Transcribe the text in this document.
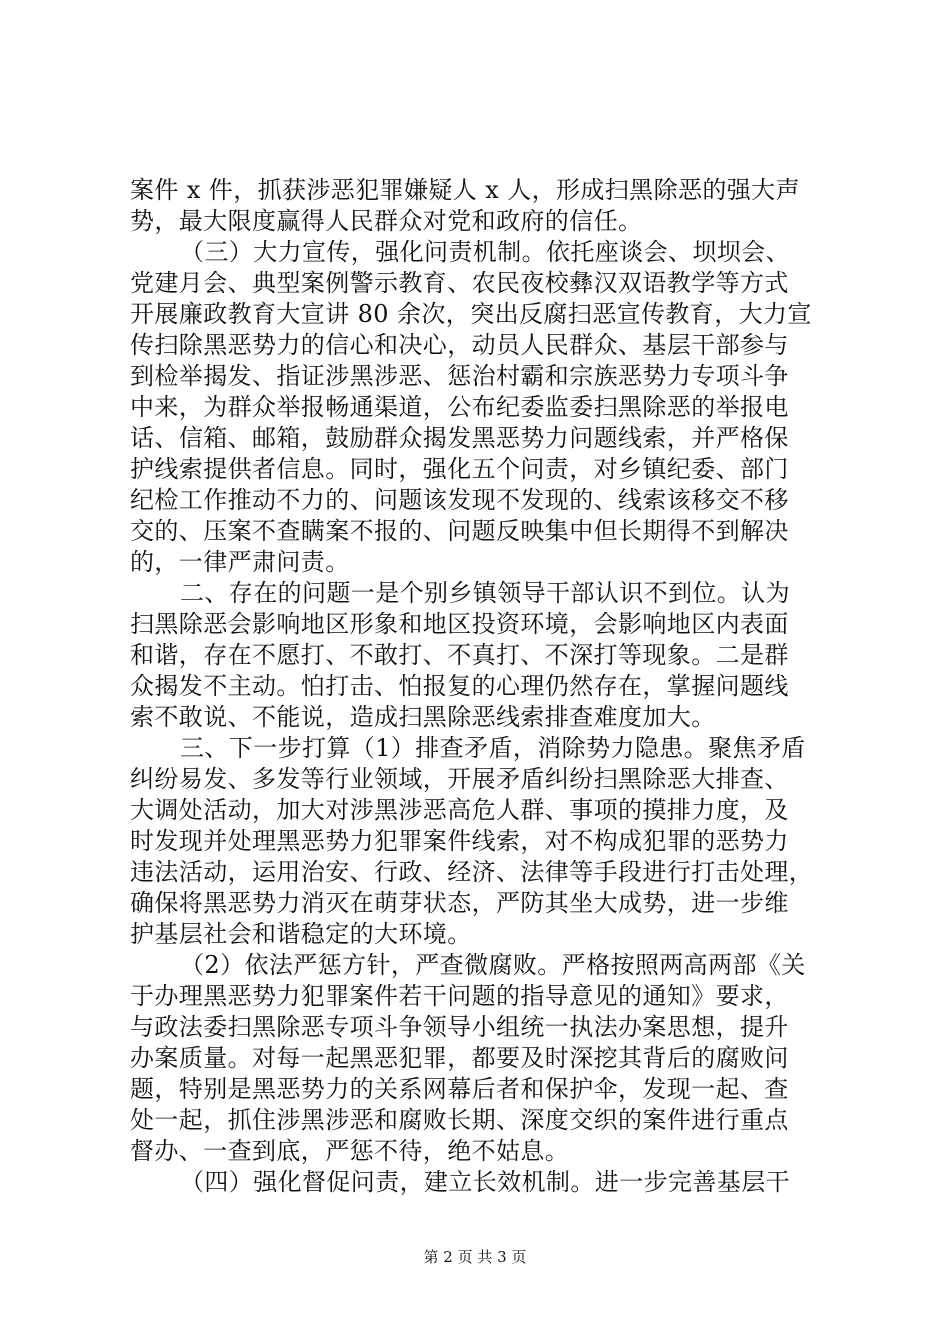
案件 x 件，抓获涉恶犯罪嫌疑人 x 人，形成扫黑除恶的强大声
势，最大限度赢得人民群众对党和政府的信任。
（三）大力宣传，强化问责机制。依托座谈会、坝坝会、
党建月会、典型案例警示教育、农民夜校彝汉双语教学等方式
开展廉政教育大宣讲 80 余次，突出反腐扫恶宣传教育，大力宣
传扫除黑恶势力的信心和决心，动员人民群众、基层干部参与
到检举揭发、指证涉黑涉恶、惩治村霸和宗族恶势力专项斗争
中来，为群众举报畅通渠道，公布纪委监委扫黑除恶的举报电
话、信箱、邮箱，鼓励群众揭发黑恶势力问题线索，并严格保
护线索提供者信息。同时，强化五个问责，对乡镇纪委、部门
纪检工作推动不力的、问题该发现不发现的、线索该移交不移
交的、压案不查瞒案不报的、问题反映集中但长期得不到解决
的，一律严肃问责。
二、存在的问题一是个别乡镇领导干部认识不到位。认为
扫黑除恶会影响地区形象和地区投资环境，会影响地区内表面
和谐，存在不愿打、不敢打、不真打、不深打等现象。二是群
众揭发不主动。怕打击、怕报复的心理仍然存在，掌握问题线
索不敢说、不能说，造成扫黑除恶线索排查难度加大。
三、下一步打算（1）排查矛盾，消除势力隐患。聚焦矛盾
纠纷易发、多发等行业领域，开展矛盾纠纷扫黑除恶大排查、
大调处活动，加大对涉黑涉恶高危人群、事项的摸排力度，及
时发现并处理黑恶势力犯罪案件线索，对不构成犯罪的恶势力
违法活动，运用治安、行政、经济、法律等手段进行打击处理，
确保将黑恶势力消灭在萌芽状态，严防其坐大成势，进一步维
护基层社会和谐稳定的大环境。
（2）依法严惩方针，严查微腐败。严格按照两高两部《关
于办理黑恶势力犯罪案件若干问题的指导意见的通知》要求，
与政法委扫黑除恶专项斗争领导小组统一执法办案思想，提升
办案质量。对每一起黑恶犯罪，都要及时深挖其背后的腐败问
题，特别是黑恶势力的关系网幕后者和保护伞，发现一起、查
处一起，抓住涉黑涉恶和腐败长期、深度交织的案件进行重点
督办、一查到底，严惩不待，绝不姑息。
（四）强化督促问责，建立长效机制。进一步完善基层干
第 2 页 共 3 页
